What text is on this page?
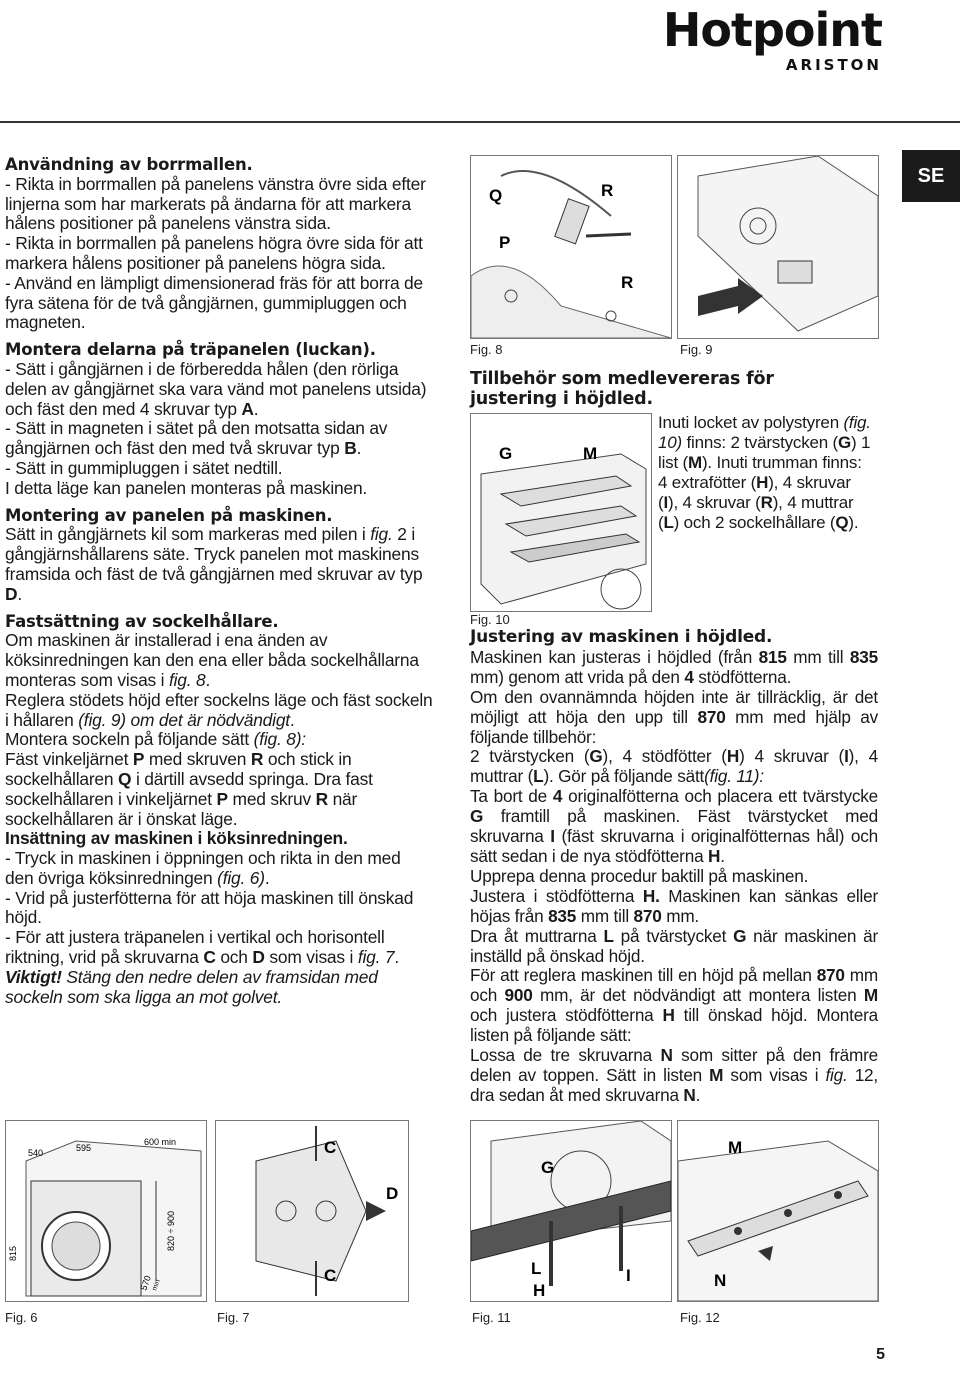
Hotpoint
ARISTON
SE

Användning av borrmallen.

- Rikta in borrmallen på panelens vänstra övre sida efter linjerna som har markerats på ändarna för att markera hålens positioner på panelens vänstra sida.

- Rikta in borrmallen på panelens högra övre sida för att markera hålens positioner på panelens högra sida.

- Använd en lämpligt dimensionerad fräs för att borra de fyra sätena för de två gångjärnen, gummipluggen och magneten.

Montera delarna på träpanelen (luckan).

- Sätt i gångjärnen i de förberedda hålen (den rörliga delen av gångjärnet ska vara vänd mot panelens utsida) och fäst den med 4 skruvar typ A.

- Sätt in magneten i sätet på den motsatta sidan av gångjärnen och fäst den med två skruvar typ B.

- Sätt in gummipluggen i sätet nedtill.

I detta läge kan panelen monteras på maskinen.

Montering av panelen på maskinen.

Sätt in gångjärnets kil som markeras med pilen i fig. 2 i gångjärnshållarens säte. Tryck panelen mot maskinens framsida och fäst de två gångjärnen med skruvar av typ D.

Fastsättning av sockelhållare.

Om maskinen är installerad i ena änden av köksinredningen kan den ena eller båda sockelhållarna monteras som visas i fig. 8.

Reglera stödets höjd efter sockelns läge och fäst sockeln i hållaren (fig. 9) om det är nödvändigt.

Montera sockeln på följande sätt (fig. 8):

Fäst vinkeljärnet P med skruven R och stick in sockelhållaren Q i därtill avsedd springa. Dra fast sockelhållaren i vinkeljärnet P med skruv R när sockelhållaren är i önskat läge.

Insättning av maskinen i köksinredningen.

- Tryck in maskinen i öppningen och rikta in den med den övriga köksinredningen (fig. 6).

- Vrid på justerfötterna för att höja maskinen till önskad höjd.

- För att justera träpanelen i vertikal och horisontell riktning, vrid på skruvarna C och D som visas i fig. 7.

Viktigt! Stäng den nedre delen av framsidan med sockeln som ska ligga an mot golvet.

Q	R
P
R
Fig. 8	Fig. 9

Tillbehör som medlevereras för justering i höjdled.

G	M

Inuti locket av polystyren (fig. 10) finns: 2 tvärstycken (G) 1 list (M). Inuti trumman finns: 4 extrafötter (H), 4 skruvar (I), 4 skruvar (R), 4 muttrar (L) och 2 sockelhållare (Q).

Fig. 10

Justering av maskinen i höjdled.

Maskinen kan justeras i höjdled (från 815 mm till 835 mm) genom att vrida på den 4 stödfötterna.

Om den ovannämnda höjden inte är tillräcklig, är det möjligt att höja den upp till 870 mm med hjälp av följande tillbehör:

2 tvärstycken (G), 4 stödfötter (H) 4 skruvar (I), 4 muttrar (L). Gör på följande sätt(fig. 11):

Ta bort de 4 originalfötterna och placera ett tvärstycke G framtill på maskinen. Fäst tvärstycket med skruvarna I (fäst skruvarna i originalfötternas hål) och sätt sedan i de nya stödfötterna H.

Upprepa denna procedur baktill på maskinen.

Justera i stödfötterna H. Maskinen kan sänkas eller höjas från 835 mm till 870 mm.

Dra åt muttrarna L på tvärstycket G när maskinen är inställd på önskad höjd.

För att reglera maskinen till en höjd på mellan 870 mm och 900 mm, är det nödvändigt att montera listen M och justera stödfötterna H till önskad höjd. Montera listen på följande sätt:

Lossa de tre skruvarna N som sitter på den främre delen av toppen. Sätt in listen M som visas i fig. 12, dra sedan åt med skruvarna N.

540	595
600 min
815
820 ÷ 900
570
min
Fig. 6
C
C
D
Fig. 7
G
L
H
I
Fig. 11
M
N
Fig. 12
5
